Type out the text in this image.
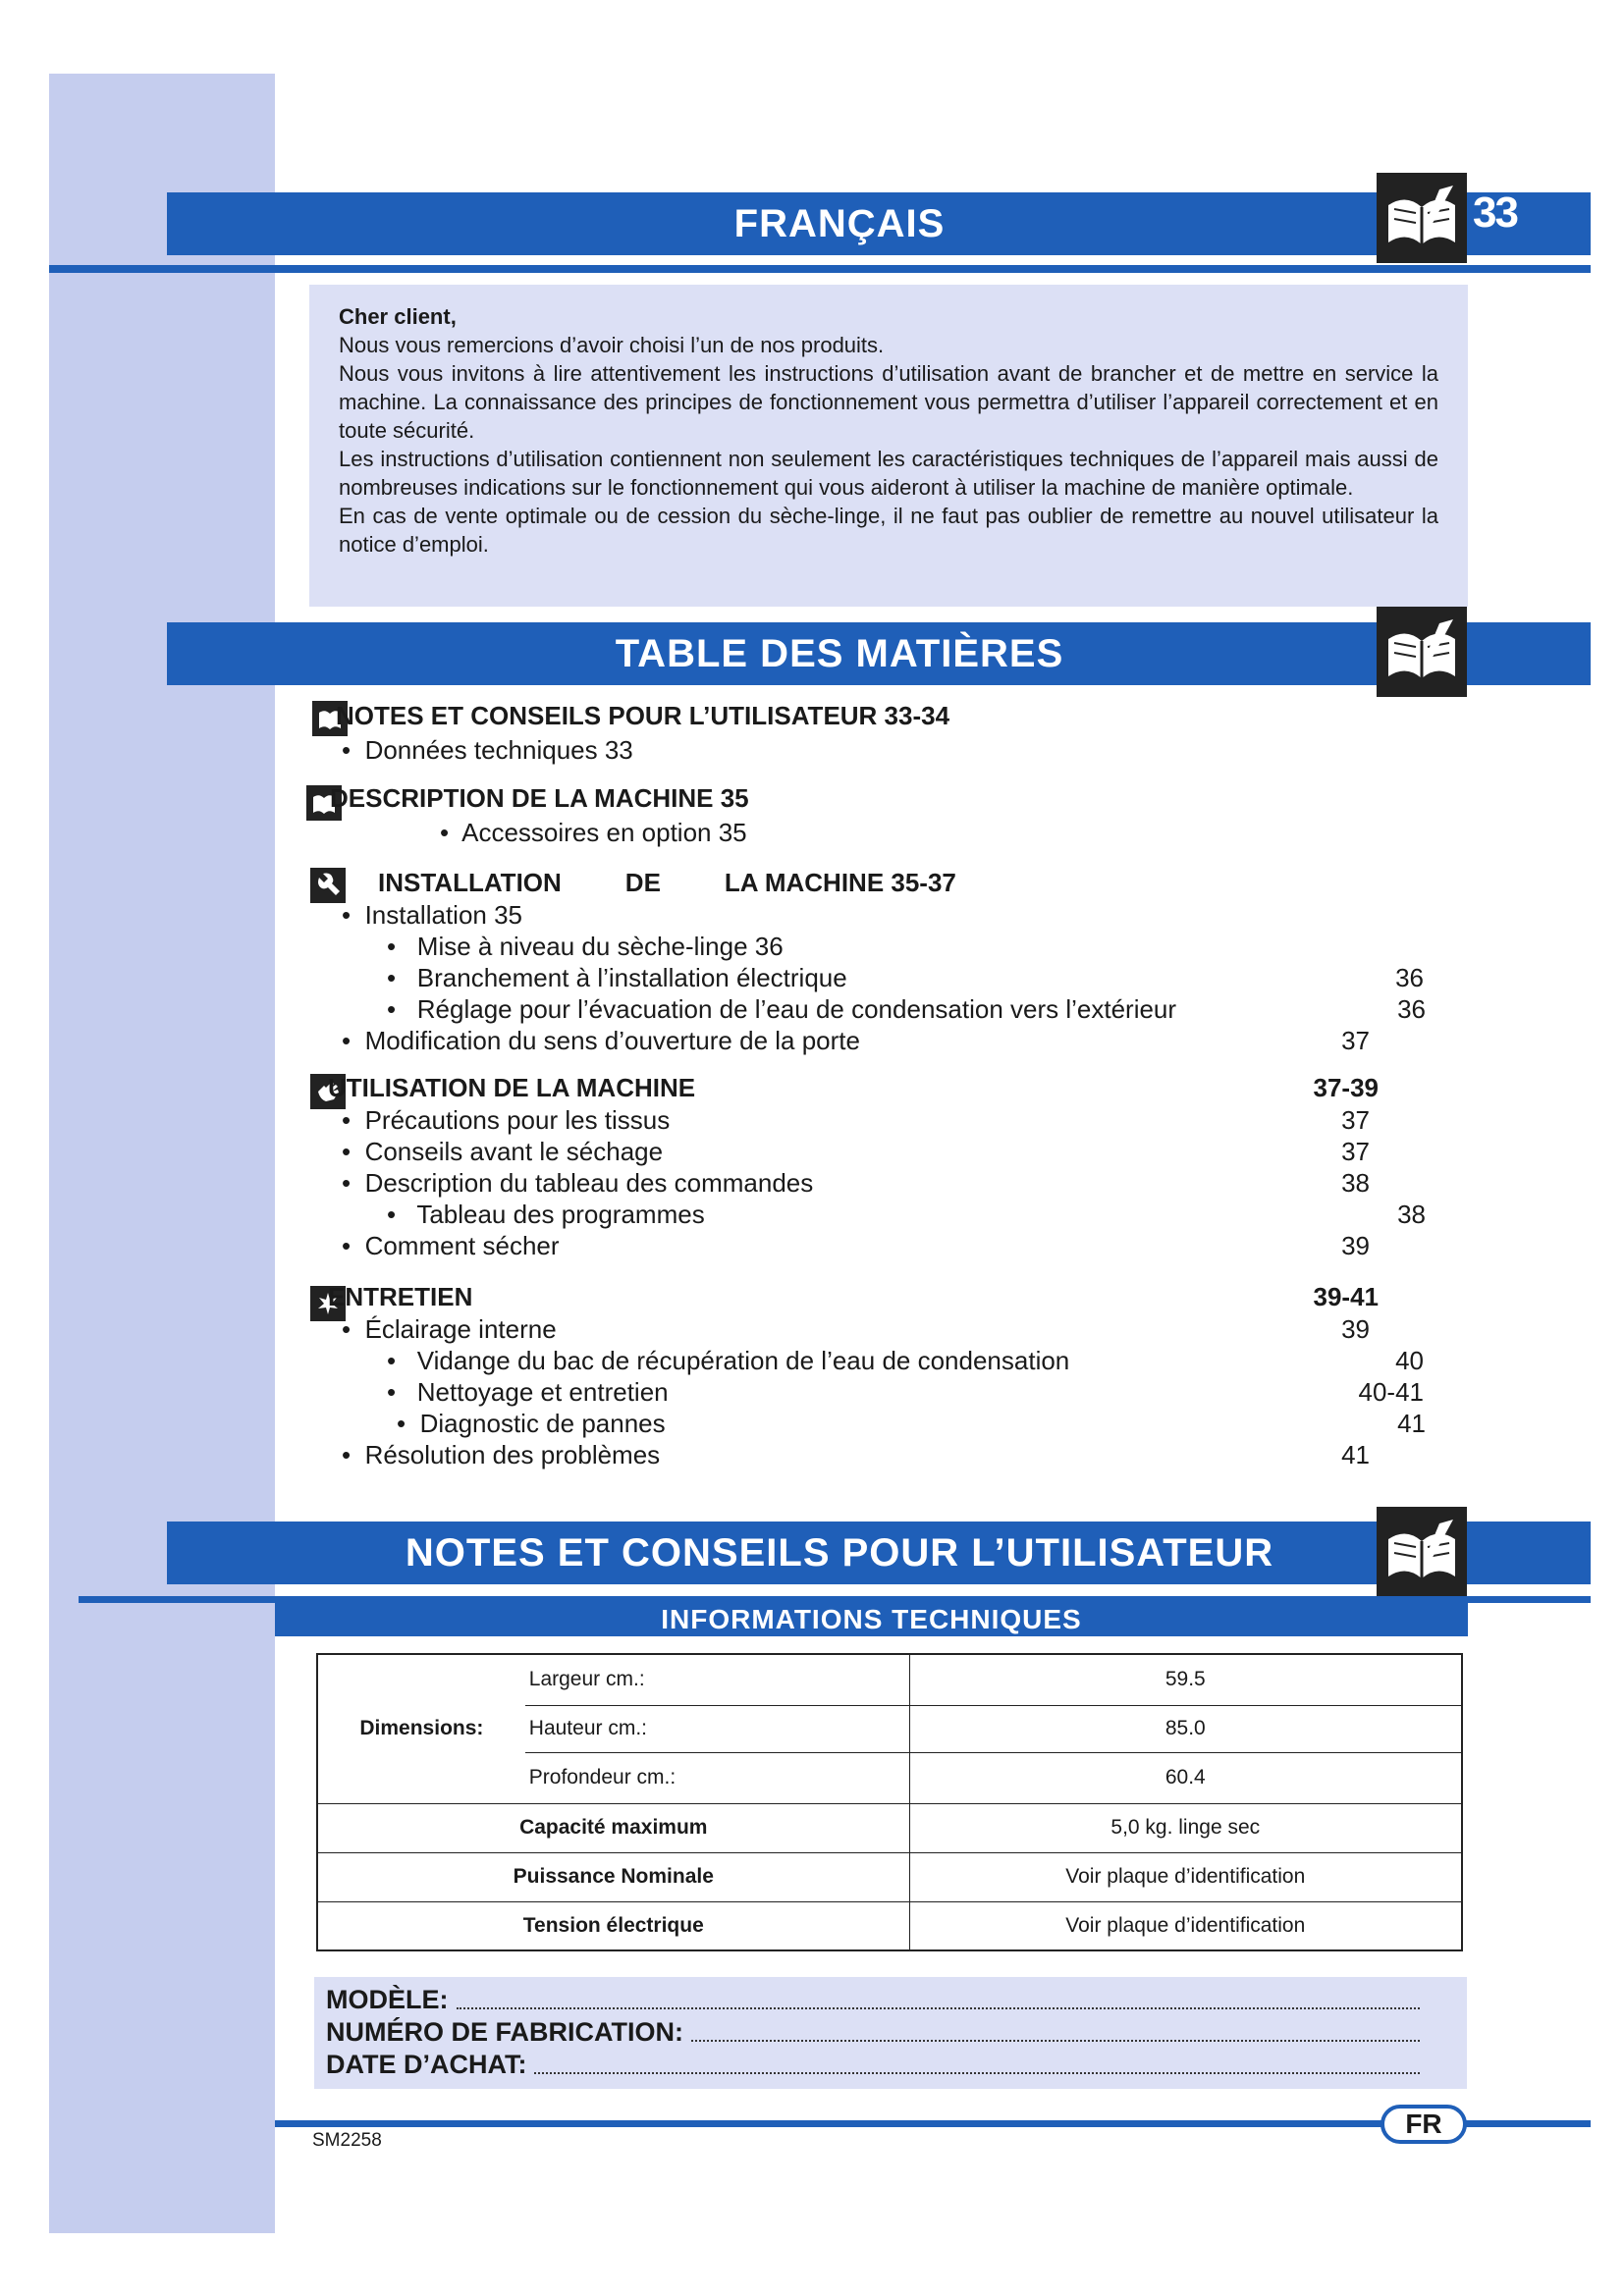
FRANÇAIS	33

Cher client,

Nous vous remercions d’avoir choisi l’un de nos produits.

Nous vous invitons à lire attentivement les instructions d’utilisation avant de brancher et de mettre en service la machine. La connaissance des principes de fonctionnement vous permettra d’utiliser l’appareil correctement et en toute sécurité.

Les instructions d’utilisation contiennent non seulement les caractéristiques techniques de l’appareil mais aussi de nombreuses indications sur le fonctionnement qui vous aideront à utiliser la machine de manière optimale.

En cas de vente optimale ou de cession du sèche-linge, il ne faut pas oublier de remettre au nouvel utilisateur la notice d’emploi.

TABLE DES MATIÈRES
NOTES ET CONSEILS POUR L’UTILISATEUR 33-34
•  Données techniques 33
DESCRIPTION DE LA MACHINE 35
•  Accessoires en option 35
INSTALLATION	DE	LA MACHINE 35-37
•  Installation 35
•   Mise à niveau du sèche-linge 36
•   Branchement à l’installation électrique	36
•   Réglage pour l’évacuation de l’eau de condensation vers l’extérieur	36
•  Modification du sens d’ouverture de la porte	37
UTILISATION DE LA MACHINE	37-39
•  Précautions pour les tissus	37
•  Conseils avant le séchage	37
•  Description du tableau des commandes	38
•   Tableau des programmes	38
•  Comment sécher	39
ENTRETIEN	39-41
•  Éclairage interne	39
•   Vidange du bac de récupération de l’eau de condensation	40
•   Nettoyage et entretien	40-41
•  Diagnostic de pannes	41
•  Résolution des problèmes	41
NOTES ET CONSEILS POUR L’UTILISATEUR
INFORMATIONS TECHNIQUES
Dimensions:	Largeur cm.:	59.5
	Hauteur cm.:	85.0
	Profondeur cm.:	60.4
Capacité maximum		5,0 kg. linge sec
Puissance Nominale		Voir plaque d’identification
Tension électrique		Voir plaque d’identification
MODÈLE:
NUMÉRO DE FABRICATION:
DATE D’ACHAT:
FR
SM2258
